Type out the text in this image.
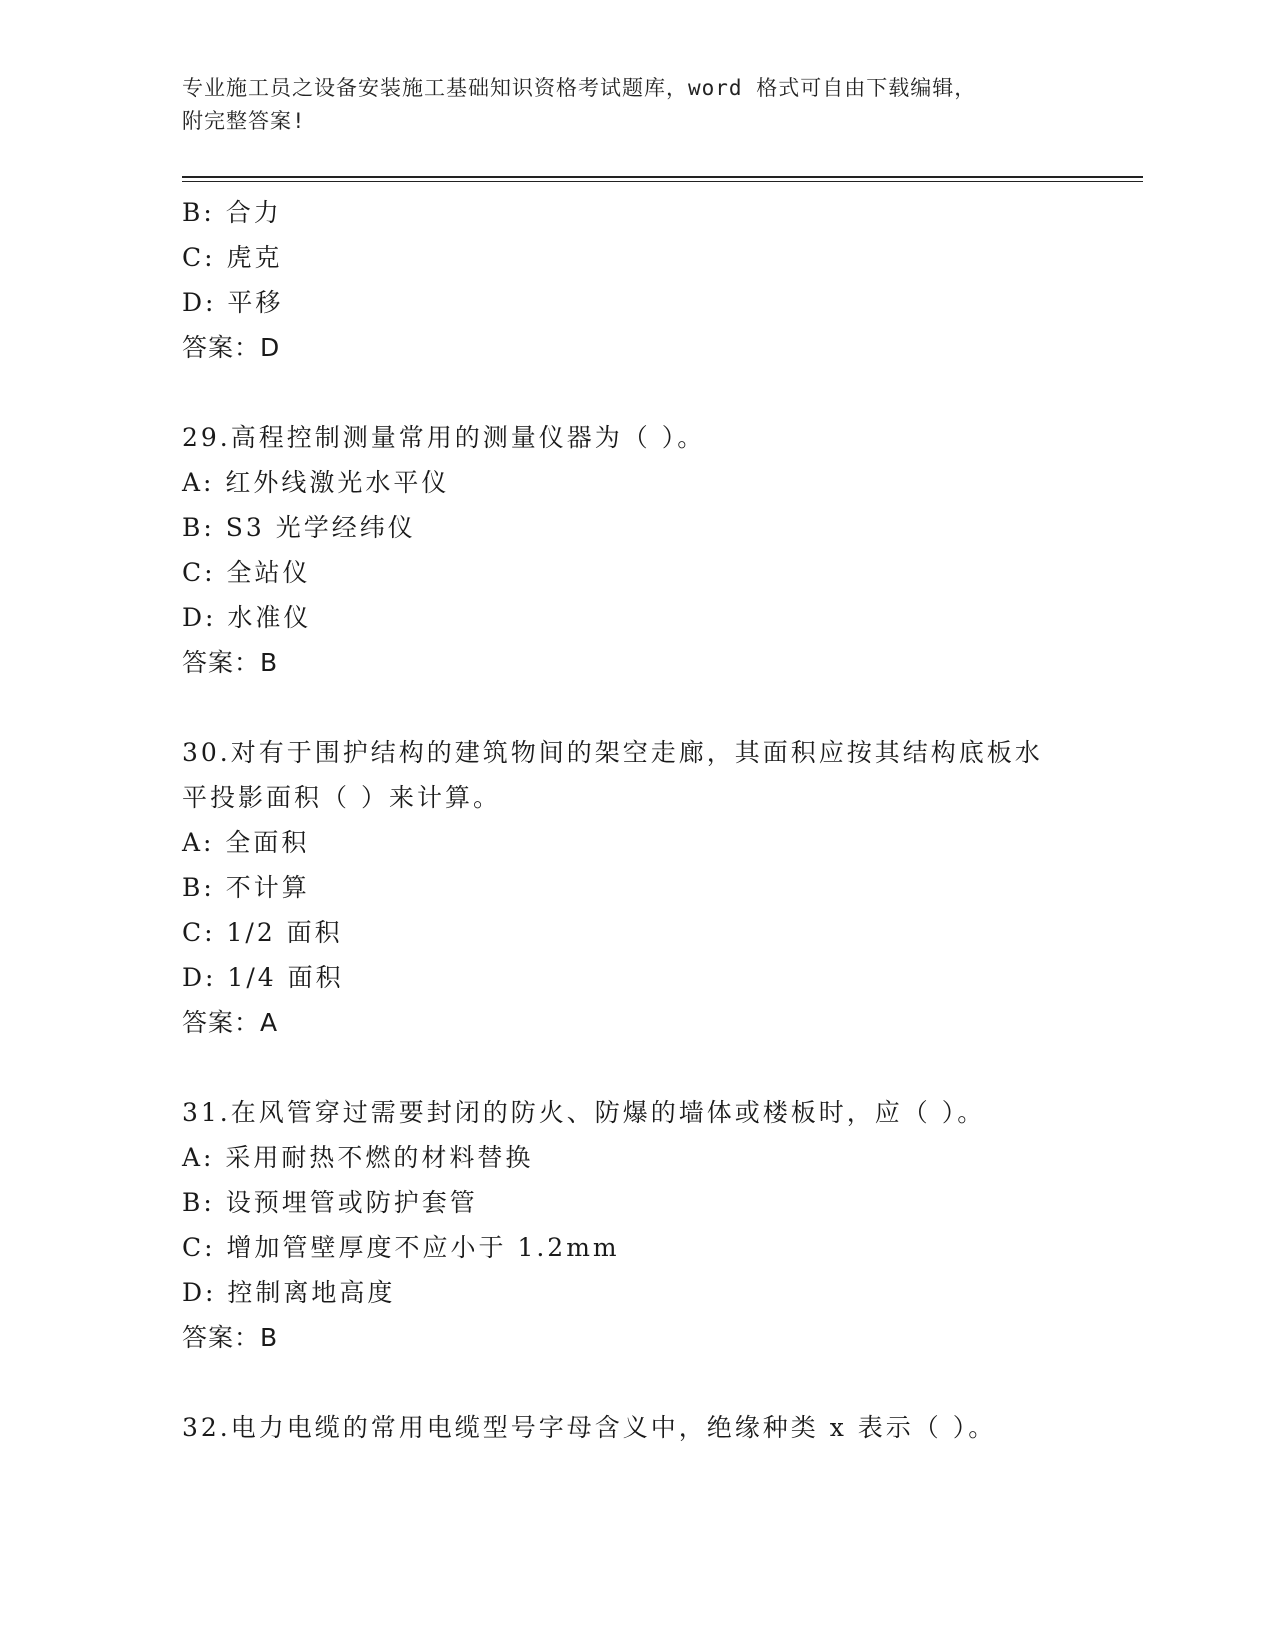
专业施工员之设备安装施工基础知识资格考试题库，word 格式可自由下载编辑，
附完整答案!
B: 合力
C: 虎克
D: 平移
答案：D
29.高程控制测量常用的测量仪器为（ ）。
A: 红外线激光水平仪
B: S3 光学经纬仪
C: 全站仪
D: 水准仪
答案：B
30.对有于围护结构的建筑物间的架空走廊，其面积应按其结构底板水
平投影面积（ ）来计算。
A: 全面积
B: 不计算
C: 1/2 面积
D: 1/4 面积
答案：A
31.在风管穿过需要封闭的防火、防爆的墙体或楼板时，应（ ）。
A: 采用耐热不燃的材料替换
B: 设预埋管或防护套管
C: 增加管壁厚度不应小于 1.2mm
D: 控制离地高度
答案：B
32.电力电缆的常用电缆型号字母含义中，绝缘种类 x 表示（ ）。
